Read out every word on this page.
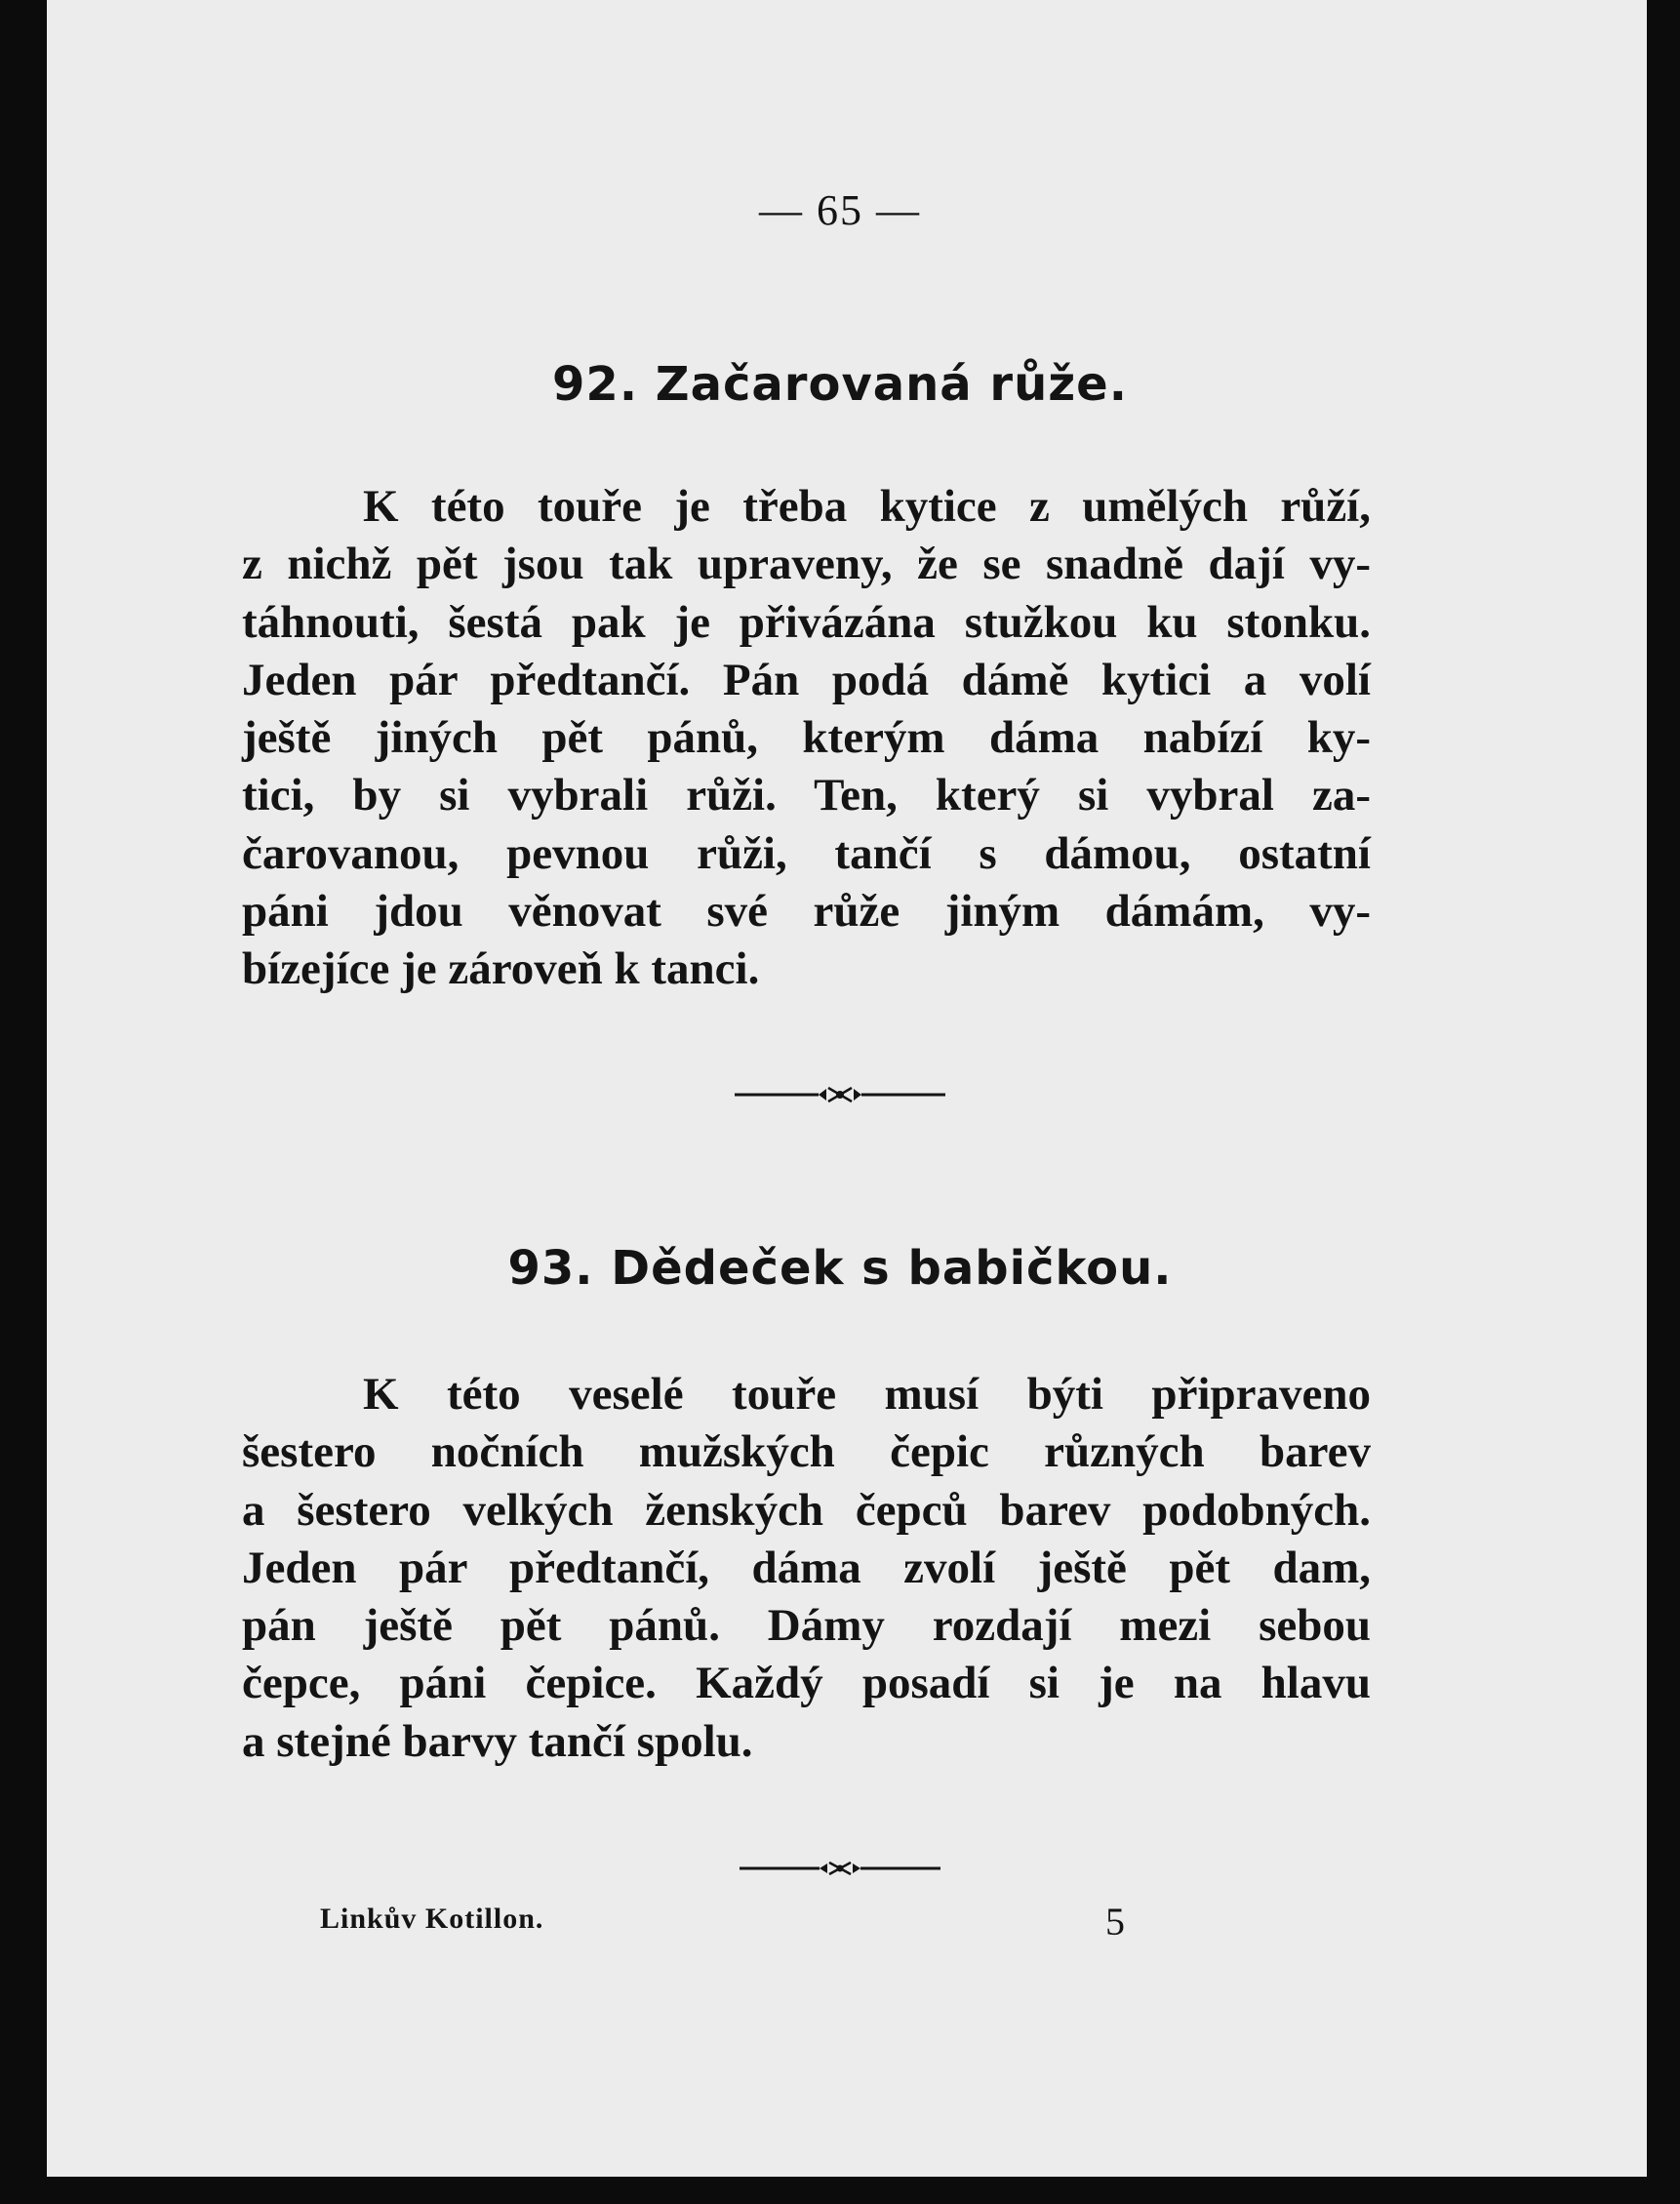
— 65 —
92. Začarovaná růže.
K této touře je třeba kytice z umělých růží,
z nichž pět jsou tak upraveny, že se snadně dají vy-
táhnouti, šestá pak je přivázána stužkou ku stonku.
Jeden pár předtančí. Pán podá dámě kytici a volí
ještě jiných pět pánů, kterým dáma nabízí ky-
tici, by si vybrali růži. Ten, který si vybral za-
čarovanou, pevnou růži, tančí s dámou, ostatní
páni jdou věnovat své růže jiným dámám, vy-
bízejíce je zároveň k tanci.
93. Dědeček s babičkou.
K této veselé touře musí býti připraveno
šestero nočních mužských čepic různých barev
a šestero velkých ženských čepců barev podobných.
Jeden pár předtančí, dáma zvolí ještě pět dam,
pán ještě pět pánů. Dámy rozdají mezi sebou
čepce, páni čepice. Každý posadí si je na hlavu
a stejné barvy tančí spolu.
Linkův Kotillon.	5
